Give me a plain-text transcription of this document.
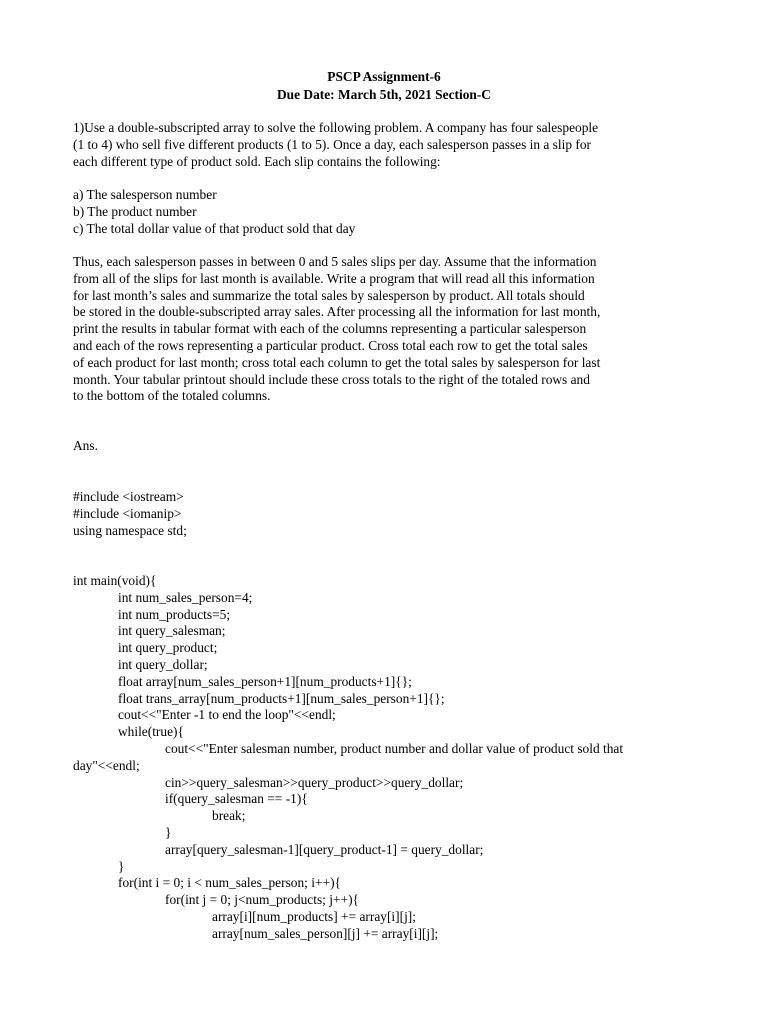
PSCP Assignment-6
Due Date: March 5th, 2021 Section-C
1)Use a double-subscripted array to solve the following problem. A company has four salespeople
(1 to 4) who sell five different products (1 to 5). Once a day, each salesperson passes in a slip for
each different type of product sold. Each slip contains the following:
a) The salesperson number
b) The product number
c) The total dollar value of that product sold that day
Thus, each salesperson passes in between 0 and 5 sales slips per day. Assume that the information
from all of the slips for last month is available. Write a program that will read all this information
for last month’s sales and summarize the total sales by salesperson by product. All totals should
be stored in the double-subscripted array sales. After processing all the information for last month,
print the results in tabular format with each of the columns representing a particular salesperson
and each of the rows representing a particular product. Cross total each row to get the total sales
of each product for last month; cross total each column to get the total sales by salesperson for last
month. Your tabular printout should include these cross totals to the right of the totaled rows and
to the bottom of the totaled columns.
Ans.
#include <iostream>
#include <iomanip>
using namespace std;
int main(void){
int num_sales_person=4;
int num_products=5;
int query_salesman;
int query_product;
int query_dollar;
float array[num_sales_person+1][num_products+1]{};
float trans_array[num_products+1][num_sales_person+1]{};
cout<<"Enter -1 to end the loop"<<endl;
while(true){
cout<<"Enter salesman number, product number and dollar value of product sold that
day"<<endl;
cin>>query_salesman>>query_product>>query_dollar;
if(query_salesman == -1){
break;
}
array[query_salesman-1][query_product-1] = query_dollar;
}
for(int i = 0; i < num_sales_person; i++){
for(int j = 0; j<num_products; j++){
array[i][num_products] += array[i][j];
array[num_sales_person][j] += array[i][j];
